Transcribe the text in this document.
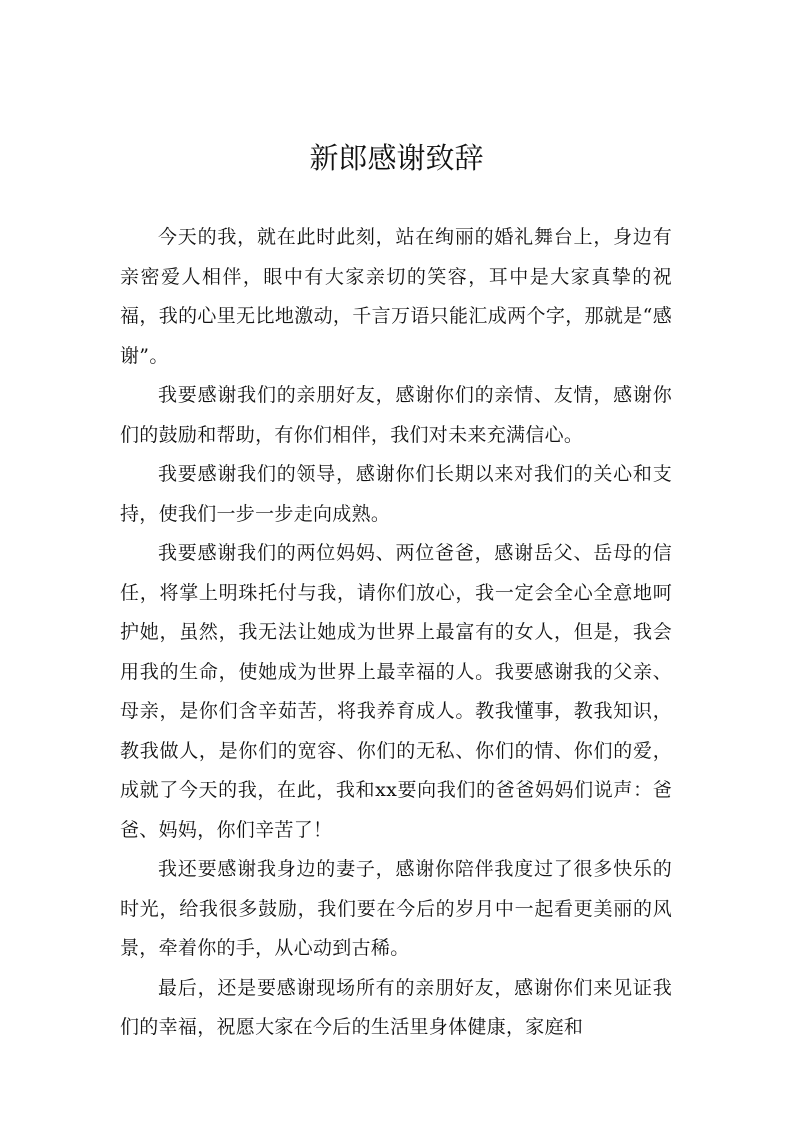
新郎感谢致辞

今天的我，就在此时此刻，站在绚丽的婚礼舞台上，身边有亲密爱人相伴，眼中有大家亲切的笑容，耳中是大家真挚的祝福，我的心里无比地激动，千言万语只能汇成两个字，那就是“感谢”。

我要感谢我们的亲朋好友，感谢你们的亲情、友情，感谢你们的鼓励和帮助，有你们相伴，我们对未来充满信心。

我要感谢我们的领导，感谢你们长期以来对我们的关心和支持，使我们一步一步走向成熟。

我要感谢我们的两位妈妈、两位爸爸，感谢岳父、岳母的信任，将掌上明珠托付与我，请你们放心，我一定会全心全意地呵护她，虽然，我无法让她成为世界上最富有的女人，但是，我会用我的生命，使她成为世界上最幸福的人。我要感谢我的父亲、母亲，是你们含辛茹苦，将我养育成人。教我懂事，教我知识，教我做人，是你们的宽容、你们的无私、你们的情、你们的爱，成就了今天的我，在此，我和xx要向我们的爸爸妈妈们说声：爸爸、妈妈，你们辛苦了！

我还要感谢我身边的妻子，感谢你陪伴我度过了很多快乐的时光，给我很多鼓励，我们要在今后的岁月中一起看更美丽的风景，牵着你的手，从心动到古稀。

最后，还是要感谢现场所有的亲朋好友，感谢你们来见证我们的幸福，祝愿大家在今后的生活里身体健康，家庭和
